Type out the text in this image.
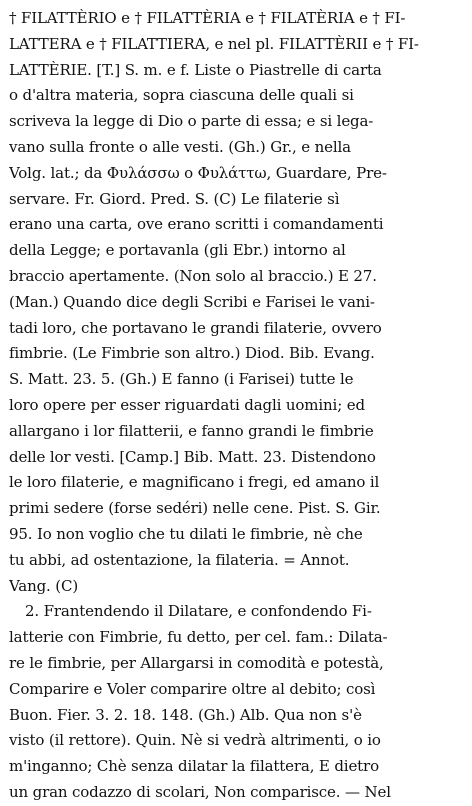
† FILATTÈRIO e † FILATTÈRIA e † FILATÈRIA e † FI-
LATTERA e † FILATTIERA, e nel pl. FILATTÈRII e † FI-
LATTÈRIE. [T.] S. m. e f. Liste o Piastrelle di carta
o d'altra materia, sopra ciascuna delle quali si
scriveva la legge di Dio o parte di essa; e si lega-
vano sulla fronte o alle vesti. (Gh.) Gr., e nella
Volg. lat.; da Φυλάσσω o Φυλάττω, Guardare, Pre-
servare. Fr. Giord. Pred. S. (C) Le filaterie sì
erano una carta, ove erano scritti i comandamenti
della Legge; e portavanla (gli Ebr.) intorno al
braccio apertamente. (Non solo al braccio.) E 27.
(Man.) Quando dice degli Scribi e Farisei le vani-
tadi loro, che portavano le grandi filaterie, ovvero
fimbrie. (Le Fimbrie son altro.) Diod. Bib. Evang.
S. Matt. 23. 5. (Gh.) E fanno (i Farisei) tutte le
loro opere per esser riguardati dagli uomini; ed
allargano i lor filatterii, e fanno grandi le fimbrie
delle lor vesti. [Camp.] Bib. Matt. 23. Distendono
le loro filaterie, e magnificano i fregi, ed amano il
primi sedere (forse sedéri) nelle cene. Pist. S. Gir.
95. Io non voglio che tu dilati le fimbrie, nè che
tu abbi, ad ostentazione, la filateria. = Annot.
Vang. (C)
2. Frantendendo il Dilatare, e confondendo Fi-
latterie con Fimbrie, fu detto, per cel. fam.: Dilata-
re le fimbrie, per Allargarsi in comodità e potestà,
Comparire e Voler comparire oltre al debito; così
Buon. Fier. 3. 2. 18. 148. (Gh.) Alb. Qua non s'è
visto (il rettore). Quin. Nè si vedrà altrimenti, o io
m'inganno; Chè senza dilatar la filattera, E dietro
un gran codazzo di scolari, Non comparisce. — Nel
